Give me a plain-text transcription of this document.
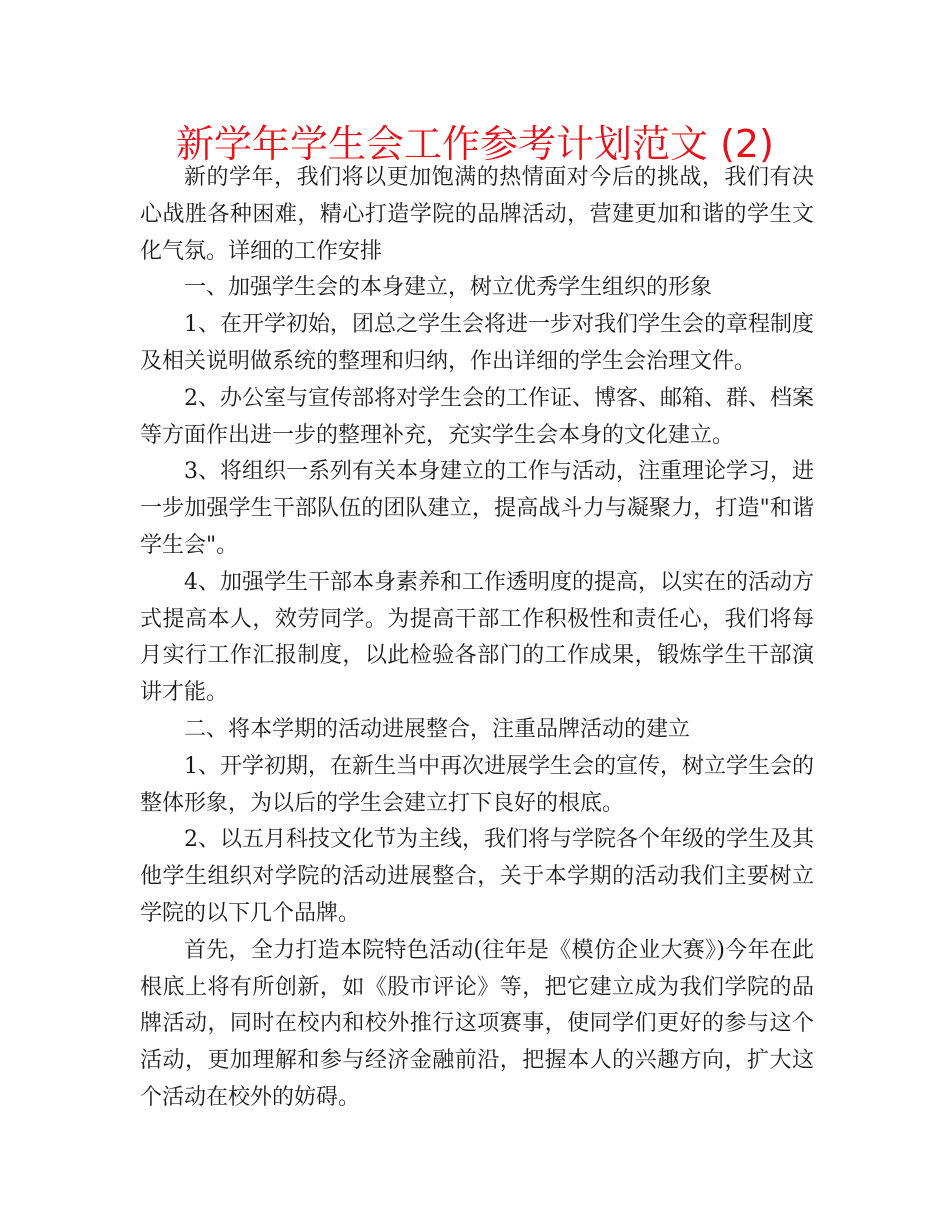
新学年学生会工作参考计划范文 (2)

新的学年，我们将以更加饱满的热情面对今后的挑战，我们有决心战胜各种困难，精心打造学院的品牌活动，营建更加和谐的学生文化气氛。详细的工作安排

一、加强学生会的本身建立，树立优秀学生组织的形象

1、在开学初始，团总之学生会将进一步对我们学生会的章程制度及相关说明做系统的整理和归纳，作出详细的学生会治理文件。

2、办公室与宣传部将对学生会的工作证、博客、邮箱、群、档案等方面作出进一步的整理补充，充实学生会本身的文化建立。

3、将组织一系列有关本身建立的工作与活动，注重理论学习，进一步加强学生干部队伍的团队建立，提高战斗力与凝聚力，打造"和谐学生会"。

4、加强学生干部本身素养和工作透明度的提高，以实在的活动方式提高本人，效劳同学。为提高干部工作积极性和责任心，我们将每月实行工作汇报制度，以此检验各部门的工作成果，锻炼学生干部演讲才能。

二、将本学期的活动进展整合，注重品牌活动的建立

1、开学初期，在新生当中再次进展学生会的宣传，树立学生会的整体形象，为以后的学生会建立打下良好的根底。

2、以五月科技文化节为主线，我们将与学院各个年级的学生及其他学生组织对学院的活动进展整合，关于本学期的活动我们主要树立学院的以下几个品牌。

首先，全力打造本院特色活动(往年是《模仿企业大赛》)今年在此根底上将有所创新，如《股市评论》等，把它建立成为我们学院的品牌活动，同时在校内和校外推行这项赛事，使同学们更好的参与这个活动，更加理解和参与经济金融前沿，把握本人的兴趣方向，扩大这个活动在校外的妨碍。
